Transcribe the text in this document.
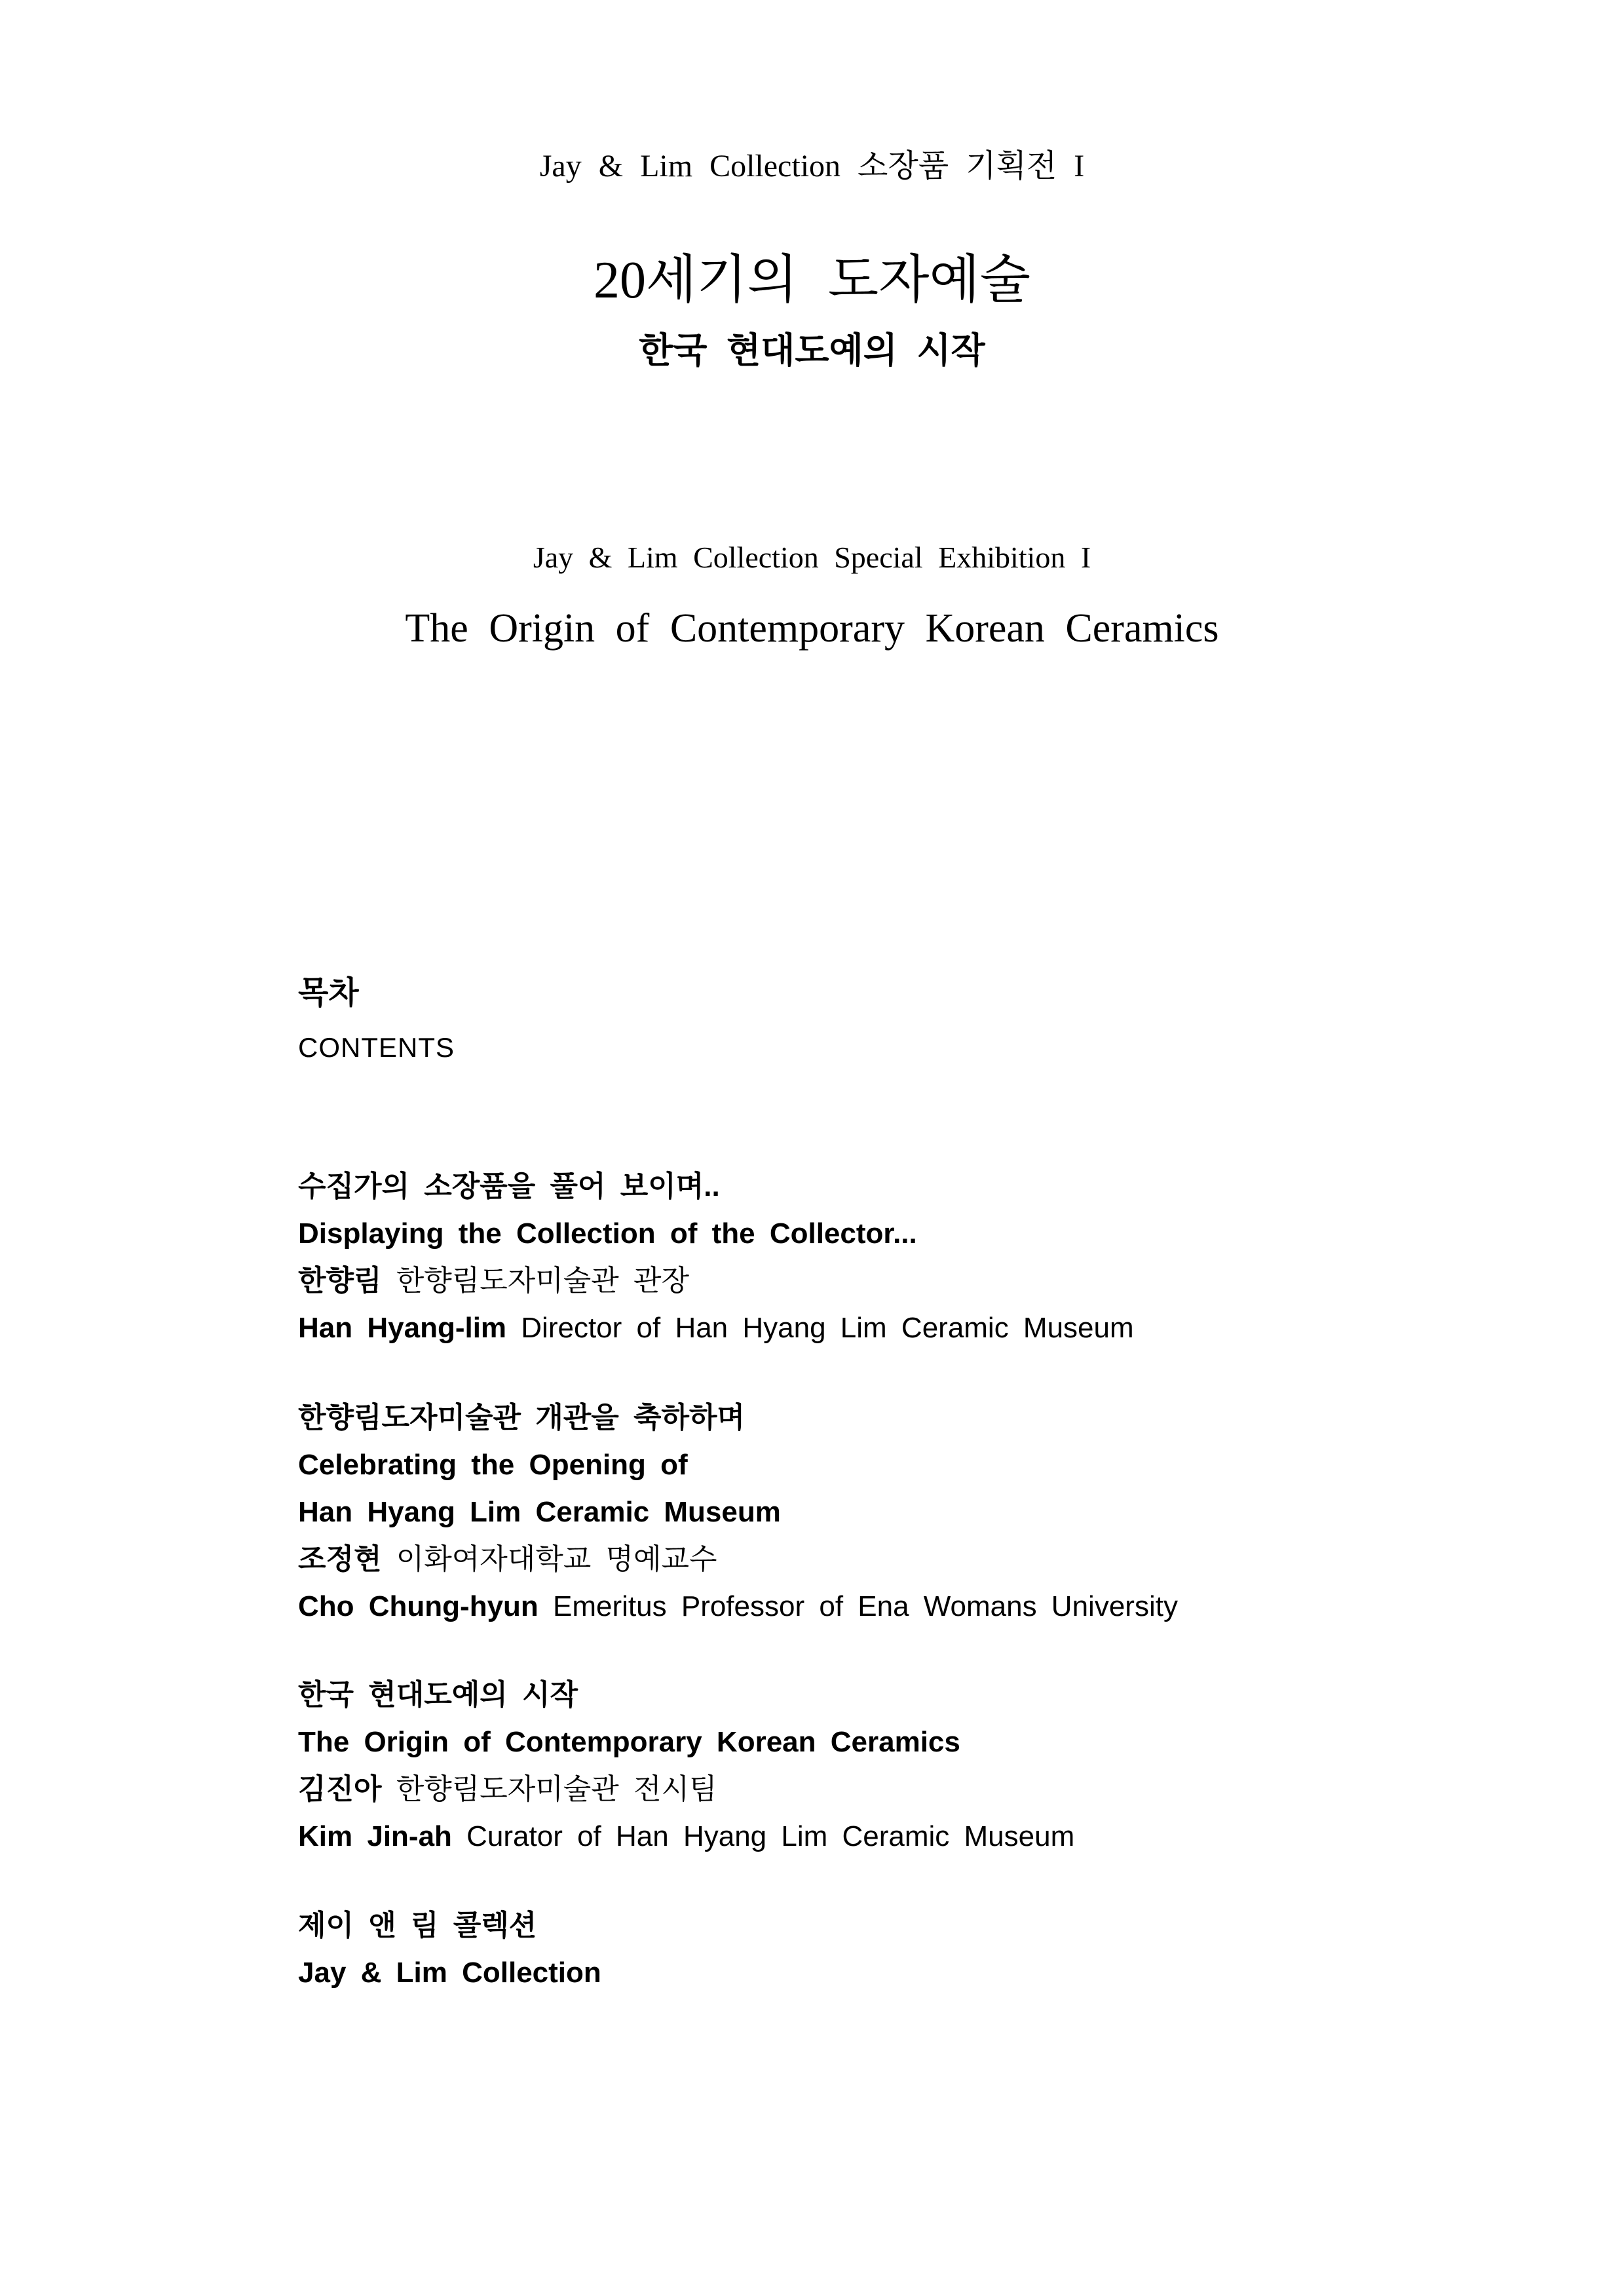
Jay & Lim Collection 소장품 기획전 I
20세기의 도자예술
한국 현대도예의 시작
Jay & Lim Collection Special Exhibition I
The Origin of Contemporary Korean Ceramics
목차
CONTENTS
수집가의 소장품을 풀어 보이며..
Displaying the Collection of the Collector...
한향림 한향림도자미술관 관장
Han Hyang-lim Director of Han Hyang Lim Ceramic Museum
한향림도자미술관 개관을 축하하며
Celebrating the Opening of
Han Hyang Lim Ceramic Museum
조정현 이화여자대학교 명예교수
Cho Chung-hyun Emeritus Professor of Ena Womans University
한국 현대도예의 시작
The Origin of Contemporary Korean Ceramics
김진아 한향림도자미술관 전시팀
Kim Jin-ah Curator of Han Hyang Lim Ceramic Museum
제이 앤 림 콜렉션
Jay & Lim Collection
